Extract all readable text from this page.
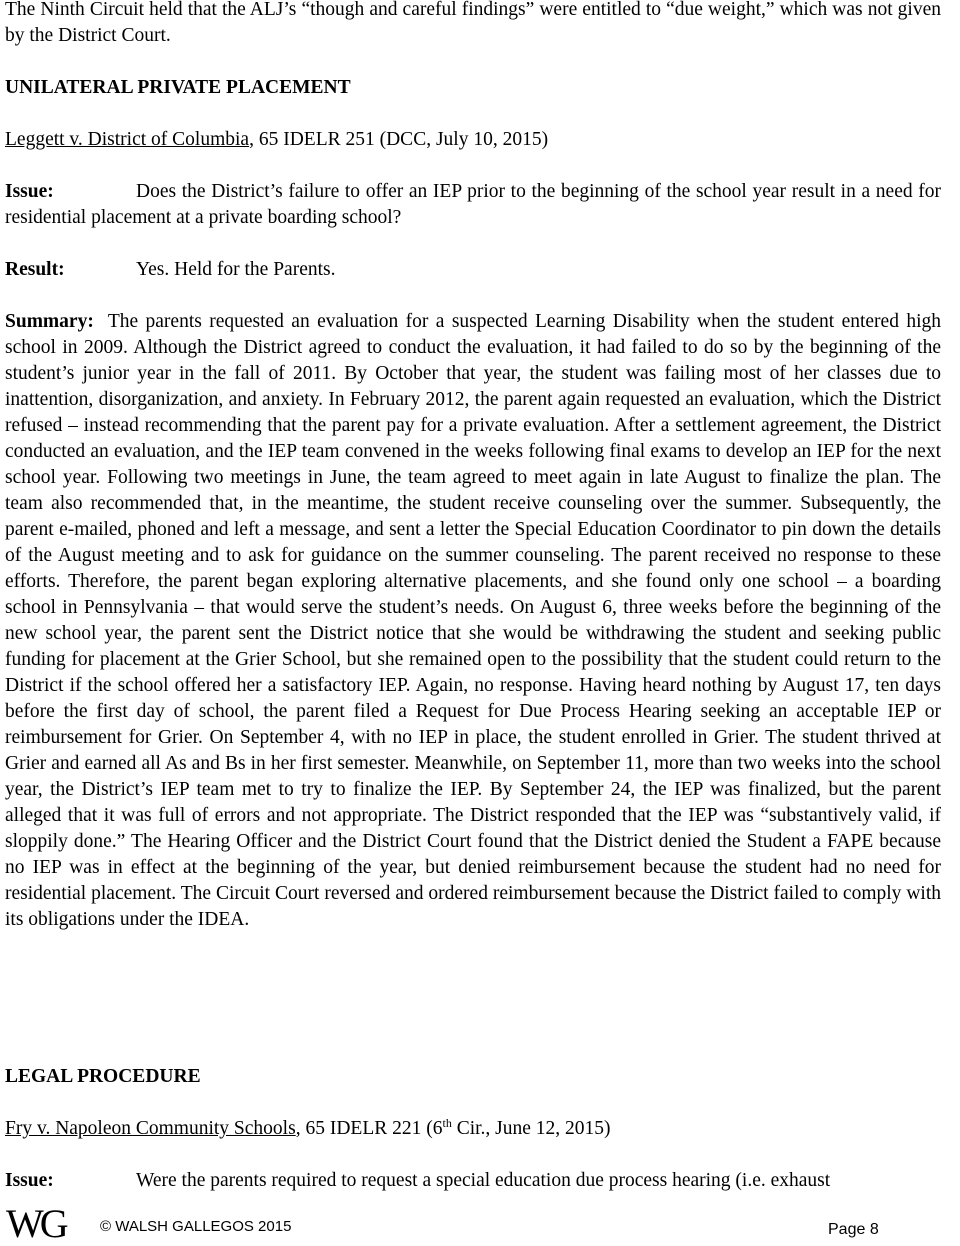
The Ninth Circuit held that the ALJ’s “though and careful findings” were entitled to “due weight,” which was not given by the District Court.

UNILATERAL PRIVATE PLACEMENT

Leggett v. District of Columbia, 65 IDELR 251 (DCC, July 10, 2015)

Issue:	Does the District’s failure to offer an IEP prior to the beginning of the school year result in a need for residential placement at a private boarding school?

Result:	Yes. Held for the Parents.

Summary: The parents requested an evaluation for a suspected Learning Disability when the student entered high school in 2009. Although the District agreed to conduct the evaluation, it had failed to do so by the beginning of the student’s junior year in the fall of 2011. By October that year, the student was failing most of her classes due to inattention, disorganization, and anxiety. In February 2012, the parent again requested an evaluation, which the District refused – instead recommending that the parent pay for a private evaluation. After a settlement agreement, the District conducted an evaluation, and the IEP team convened in the weeks following final exams to develop an IEP for the next school year. Following two meetings in June, the team agreed to meet again in late August to finalize the plan. The team also recommended that, in the meantime, the student receive counseling over the summer. Subsequently, the parent e-mailed, phoned and left a message, and sent a letter the Special Education Coordinator to pin down the details of the August meeting and to ask for guidance on the summer counseling. The parent received no response to these efforts. Therefore, the parent began exploring alternative placements, and she found only one school – a boarding school in Pennsylvania – that would serve the student’s needs. On August 6, three weeks before the beginning of the new school year, the parent sent the District notice that she would be withdrawing the student and seeking public funding for placement at the Grier School, but she remained open to the possibility that the student could return to the District if the school offered her a satisfactory IEP. Again, no response. Having heard nothing by August 17, ten days before the first day of school, the parent filed a Request for Due Process Hearing seeking an acceptable IEP or reimbursement for Grier. On September 4, with no IEP in place, the student enrolled in Grier. The student thrived at Grier and earned all As and Bs in her first semester. Meanwhile, on September 11, more than two weeks into the school year, the District’s IEP team met to try to finalize the IEP. By September 24, the IEP was finalized, but the parent alleged that it was full of errors and not appropriate. The District responded that the IEP was “substantively valid, if sloppily done.” The Hearing Officer and the District Court found that the District denied the Student a FAPE because no IEP was in effect at the beginning of the year, but denied reimbursement because the student had no need for residential placement. The Circuit Court reversed and ordered reimbursement because the District failed to comply with its obligations under the IDEA.

LEGAL PROCEDURE

Fry v. Napoleon Community Schools, 65 IDELR 221 (6th Cir., June 12, 2015)

Issue:	Were the parents required to request a special education due process hearing (i.e. exhaust

WG © WALSH GALLEGOS 2015	Page 8
